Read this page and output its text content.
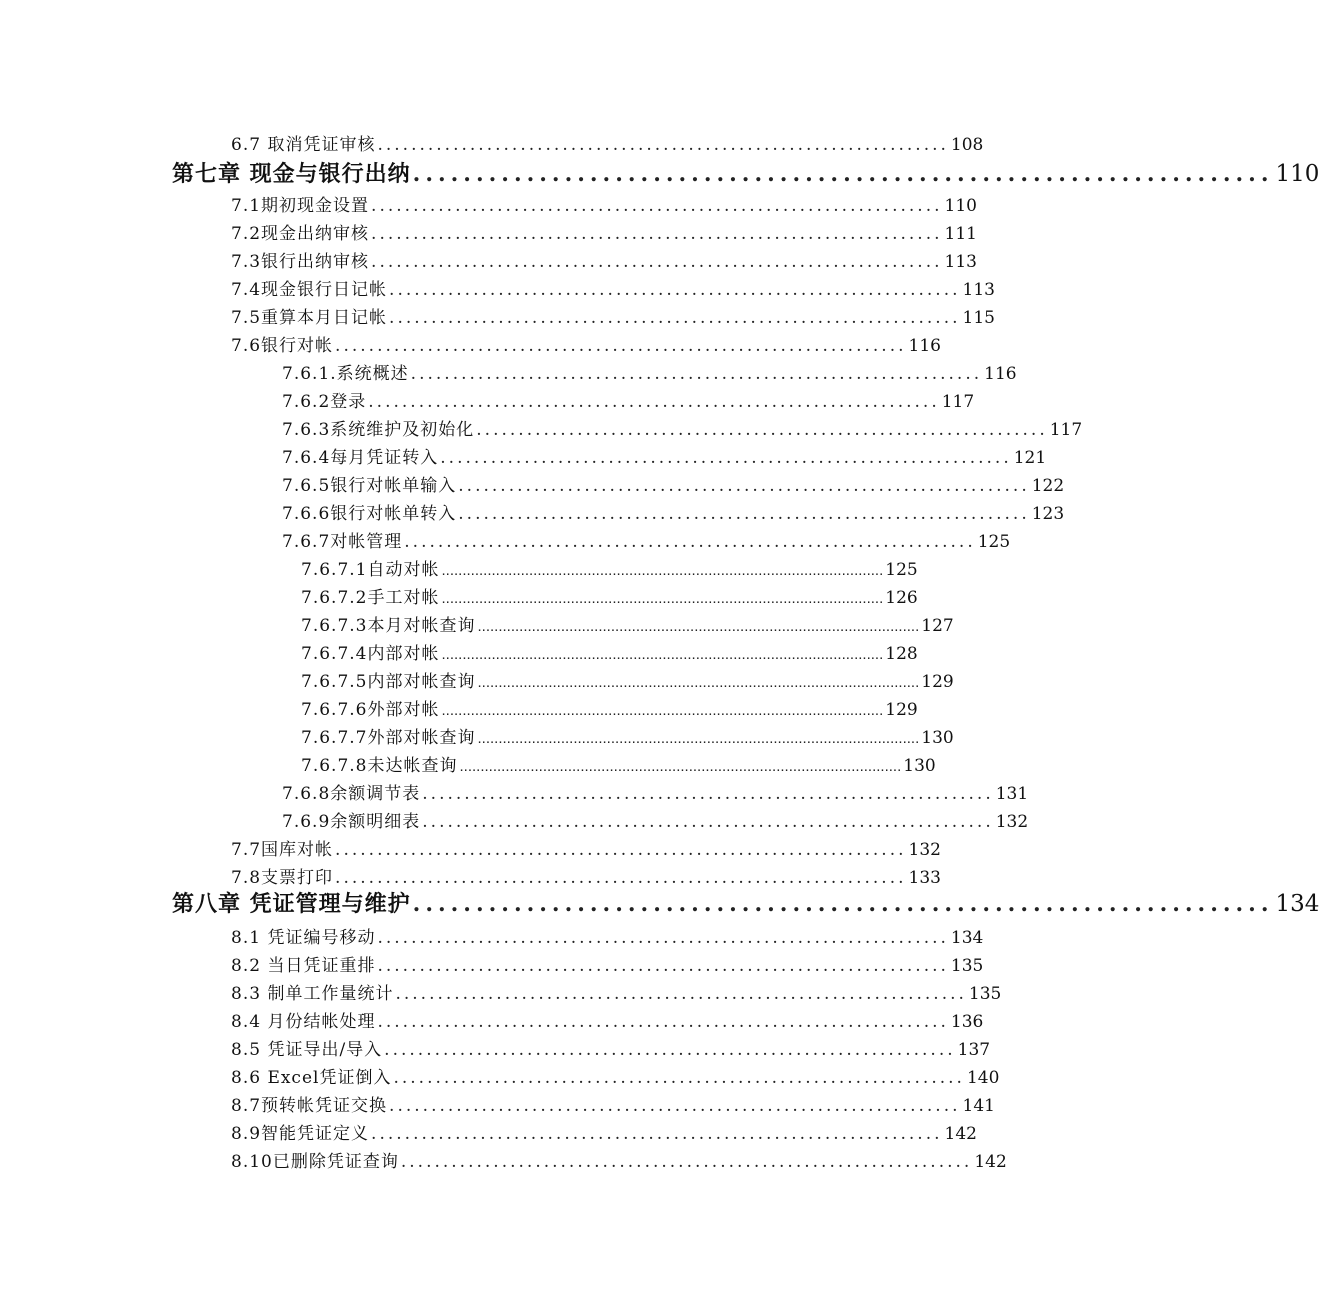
6.7 取消凭证审核 .................................................................... 108
第七章 现金与银行出纳 .................................................................... 110
7.1期初现金设置 .................................................................... 110
7.2现金出纳审核 .................................................................... 111
7.3银行出纳审核 .................................................................... 113
7.4现金银行日记帐 .................................................................... 113
7.5重算本月日记帐 .................................................................... 115
7.6银行对帐 .................................................................... 116
7.6.1.系统概述 .................................................................... 116
7.6.2登录 .................................................................... 117
7.6.3系统维护及初始化 .................................................................... 117
7.6.4每月凭证转入 .................................................................... 121
7.6.5银行对帐单输入 .................................................................... 122
7.6.6银行对帐单转入 .................................................................... 123
7.6.7对帐管理 .................................................................... 125
7.6.7.1自动对帐 .......................................................................................................... 125
7.6.7.2手工对帐 .......................................................................................................... 126
7.6.7.3本月对帐查询 .......................................................................................................... 127
7.6.7.4内部对帐 .......................................................................................................... 128
7.6.7.5内部对帐查询 .......................................................................................................... 129
7.6.7.6外部对帐 .......................................................................................................... 129
7.6.7.7外部对帐查询 .......................................................................................................... 130
7.6.7.8未达帐查询 .......................................................................................................... 130
7.6.8余额调节表 .................................................................... 131
7.6.9余额明细表 .................................................................... 132
7.7国库对帐 .................................................................... 132
7.8支票打印 .................................................................... 133
第八章 凭证管理与维护 .................................................................... 134
8.1 凭证编号移动 .................................................................... 134
8.2 当日凭证重排 .................................................................... 135
8.3 制单工作量统计 .................................................................... 135
8.4 月份结帐处理 .................................................................... 136
8.5 凭证导出/导入 .................................................................... 137
8.6 Excel凭证倒入 .................................................................... 140
8.7预转帐凭证交换 .................................................................... 141
8.9智能凭证定义 .................................................................... 142
8.10已删除凭证查询 .................................................................... 142
